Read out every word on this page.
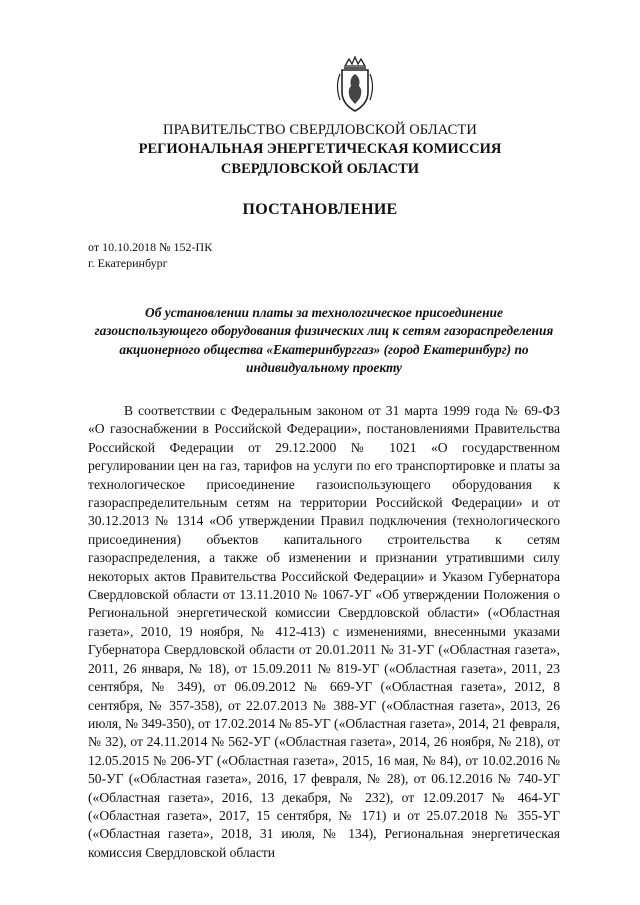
ПРАВИТЕЛЬСТВО СВЕРДЛОВСКОЙ ОБЛАСТИ
РЕГИОНАЛЬНАЯ ЭНЕРГЕТИЧЕСКАЯ КОМИССИЯ
СВЕРДЛОВСКОЙ ОБЛАСТИ
ПОСТАНОВЛЕНИЕ
от 10.10.2018 № 152-ПК
г. Екатеринбург
Об установлении платы за технологическое присоединение газоиспользующего оборудования физических лиц к сетям газораспределения акционерного общества «Екатеринбурггаз» (город Екатеринбург) по индивидуальному проекту

В соответствии с Федеральным законом от 31 марта 1999 года № 69-ФЗ «О газоснабжении в Российской Федерации», постановлениями Правительства Российской Федерации от 29.12.2000 № 1021 «О государственном регулировании цен на газ, тарифов на услуги по его транспортировке и платы за технологическое присоединение газоиспользующего оборудования к газораспределительным сетям на территории Российской Федерации» и от 30.12.2013 № 1314 «Об утверждении Правил подключения (технологического присоединения) объектов капитального строительства к сетям газораспределения, а также об изменении и признании утратившими силу некоторых актов Правительства Российской Федерации» и Указом Губернатора Свердловской области от 13.11.2010 № 1067-УГ «Об утверждении Положения о Региональной энергетической комиссии Свердловской области» («Областная газета», 2010, 19 ноября, № 412-413) с изменениями, внесенными указами Губернатора Свердловской области от 20.01.2011 № 31-УГ («Областная газета», 2011, 26 января, № 18), от 15.09.2011 № 819-УГ («Областная газета», 2011, 23 сентября, № 349), от 06.09.2012 № 669-УГ («Областная газета», 2012, 8 сентября, № 357-358), от 22.07.2013 № 388-УГ («Областная газета», 2013, 26 июля, № 349-350), от 17.02.2014 № 85-УГ («Областная газета», 2014, 21 февраля, № 32), от 24.11.2014 № 562-УГ («Областная газета», 2014, 26 ноября, № 218), от 12.05.2015 № 206-УГ («Областная газета», 2015, 16 мая, № 84), от 10.02.2016 № 50-УГ («Областная газета», 2016, 17 февраля, № 28), от 06.12.2016 № 740-УГ («Областная газета», 2016, 13 декабря, № 232), от 12.09.2017 № 464-УГ («Областная газета», 2017, 15 сентября, № 171) и от 25.07.2018 № 355-УГ («Областная газета», 2018, 31 июля, № 134), Региональная энергетическая комиссия Свердловской области
